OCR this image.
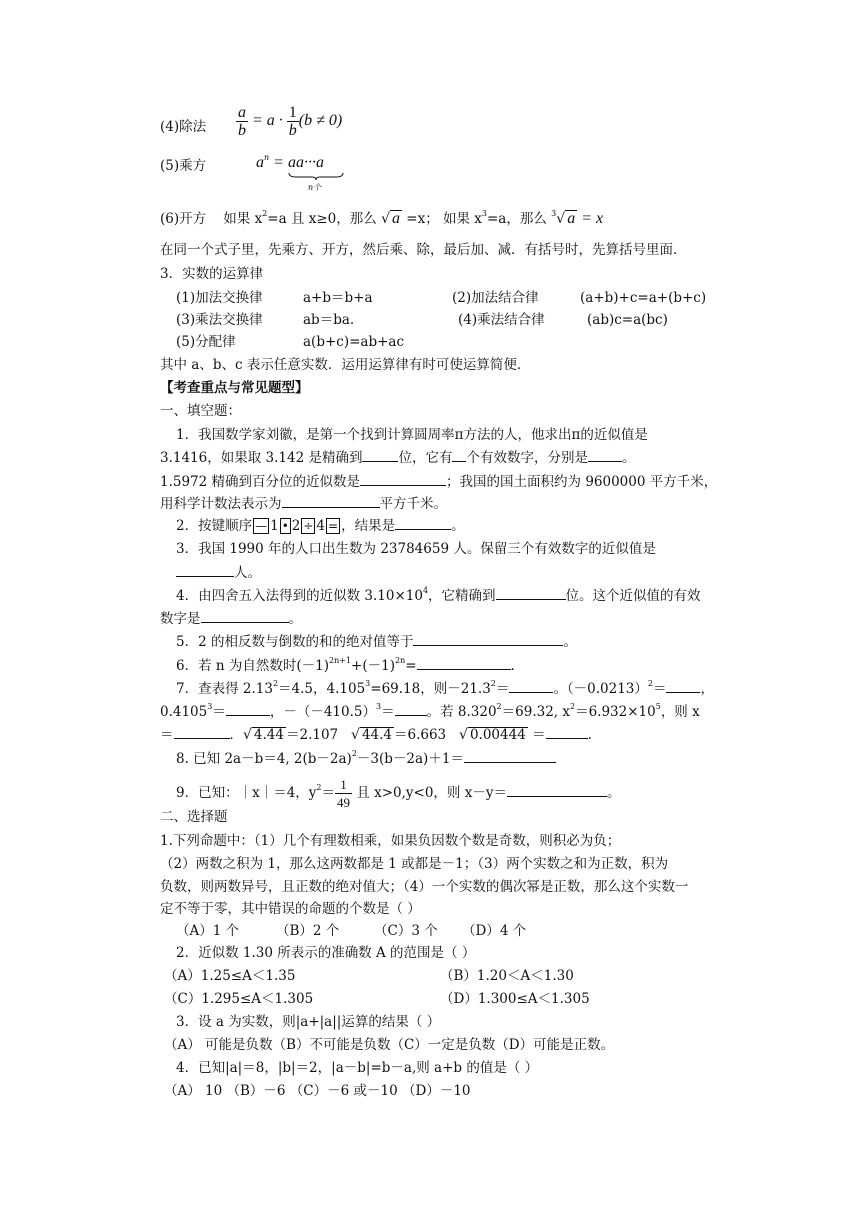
(4)除法 $\frac{a}{b} = a \cdot \frac{1}{b} (b \ne 0)$
(5)乘方	$a^n = aa\cdot\cdot\cdot a$
n个
(6)开方 如果 $x^2=a$ 且 x≥0，那么 √ a =x； 如果 $x^3=a$，那么 $^3$√ a = x
在同一个式子里，先乘方、开方，然后乘、除，最后加、减．有括号时，先算括号里面．
3．实数的运算律
(1)加法交换律	a+b＝b+a	(2)加法结合律	(a+b)+c=a+(b+c)
(3)乘法交换律	ab＝ba.	(4)乘法结合律	(ab)c=a(bc)
(5)分配律	a(b+c)=ab+ac
其中 a、b、c 表示任意实数．运用运算律有时可使运算简便．
【考查重点与常见题型】
一、填空题：
1．我国数学家刘徽，是第一个找到计算圆周率π方法的人，他求出π的近似值是
3.1416，如果取 3.142 是精确到	位，它有 个有效数字，分别是	。
1.5972 精确到百分位的近似数是	；我国的国土面积约为 9600000 平方千米，
用科学计数法表示为	平方千米。
2．按键顺序 — 1 • 2 ÷ 4 = ，结果是	。
3．我国 1990 年的人口出生数为 23784659 人。保留三个有效数字的近似值是
人。
4．由四舍五入法得到的近似数 $3.10\times 10^4$，它精确到	位。这个近似值的有效
数字是	。
5．2 的相反数与倒数的和的绝对值等于	。
6．若 n 为自然数时$(-1)^{2n+1}+(-1)^{2n}=$	.
7．查表得 $2.13^2=4.5$，$4.105^3=69.18$，则$-21.3^2=$	。$(-0.0213)^2=$	，
$0.4105^3=$	，$-(-410.5)^3=$ 。若 $8.320^2=69.32$, $x^2=6.932\times 10^5$，则 x
＝	．√ 4.44 ＝2.107 √ 44.4 ＝6.663 √ 0.00444 ＝	.
8. 已知 2a－b＝4, $2(b-2a)^2-3(b-2a)+1=$
9．已知：｜x｜＝4，$y^2= \frac{1}{49}$ 且 x>0,y<0，则 x－y＝	。
二、选择题
1.下列命题中：（1）几个有理数相乘，如果负因数个数是奇数，则积必为负；
（2）两数之积为 1，那么这两数都是 1 或都是－1；（3）两个实数之和为正数，积为
负数，则两数异号，且正数的绝对值大；（4）一个实数的偶次幂是正数，那么这个实数一
定不等于零，其中错误的命题的个数是（ ）
（A）1 个	（B）2 个	（C）3 个 （D）4 个
2．近似数 1.30 所表示的准确数 A 的范围是（ ）
（A）1.25≤A＜1.35	（B）1.20＜A＜1.30
（C）1.295≤A＜1.305	（D）1.300≤A＜1.305
3．设 a 为实数，则|a+|a||运算的结果（ ）
（A） 可能是负数（B）不可能是负数（C）一定是负数（D）可能是正数。
4．已知|a|＝8，|b|＝2，|a－b|=b－a,则 a+b 的值是（ ）
（A） 10 （B）－6 （C）－6 或－10 （D）－10
